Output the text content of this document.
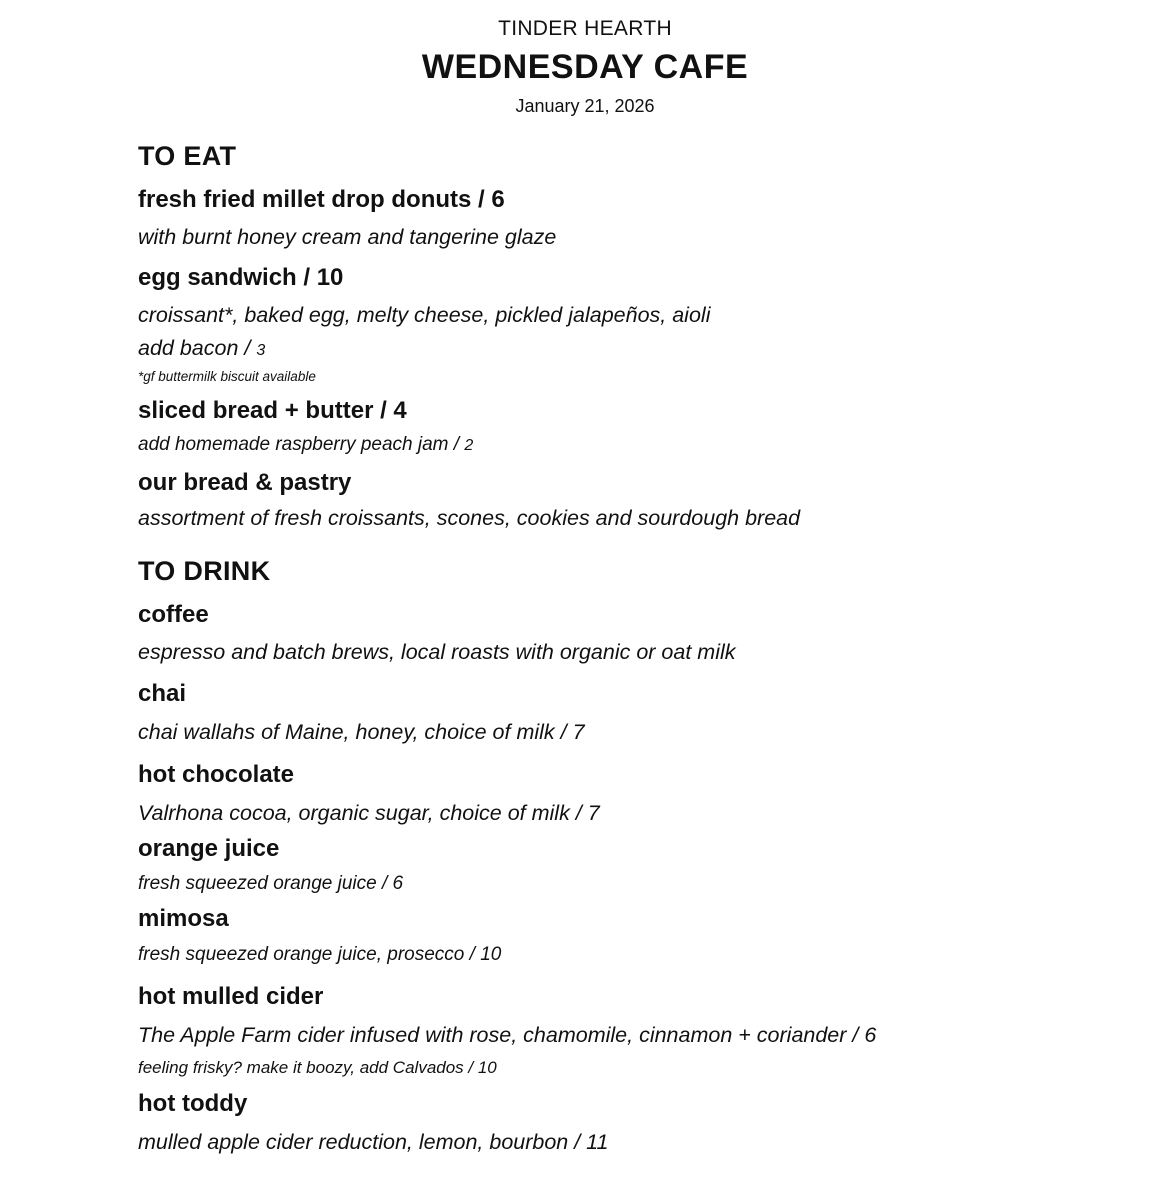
TINDER HEARTH
WEDNESDAY CAFE
January 21, 2026
TO EAT
fresh fried millet drop donuts / 6
with burnt honey cream and tangerine glaze
egg sandwich / 10
croissant*, baked egg, melty cheese, pickled jalapeños, aioli
add bacon / 3
*gf buttermilk biscuit available
sliced bread + butter / 4
add homemade raspberry peach jam / 2
our bread & pastry
assortment of fresh croissants, scones, cookies and sourdough bread
TO DRINK
coffee
espresso and batch brews, local roasts with organic or oat milk
chai
chai wallahs of Maine, honey, choice of milk / 7
hot chocolate
Valrhona cocoa, organic sugar, choice of milk / 7
orange juice
fresh squeezed orange juice / 6
mimosa
fresh squeezed orange juice, prosecco / 10
hot mulled cider
The Apple Farm cider infused with rose, chamomile, cinnamon + coriander / 6
feeling frisky? make it boozy, add Calvados / 10
hot toddy
mulled apple cider reduction, lemon, bourbon / 11
